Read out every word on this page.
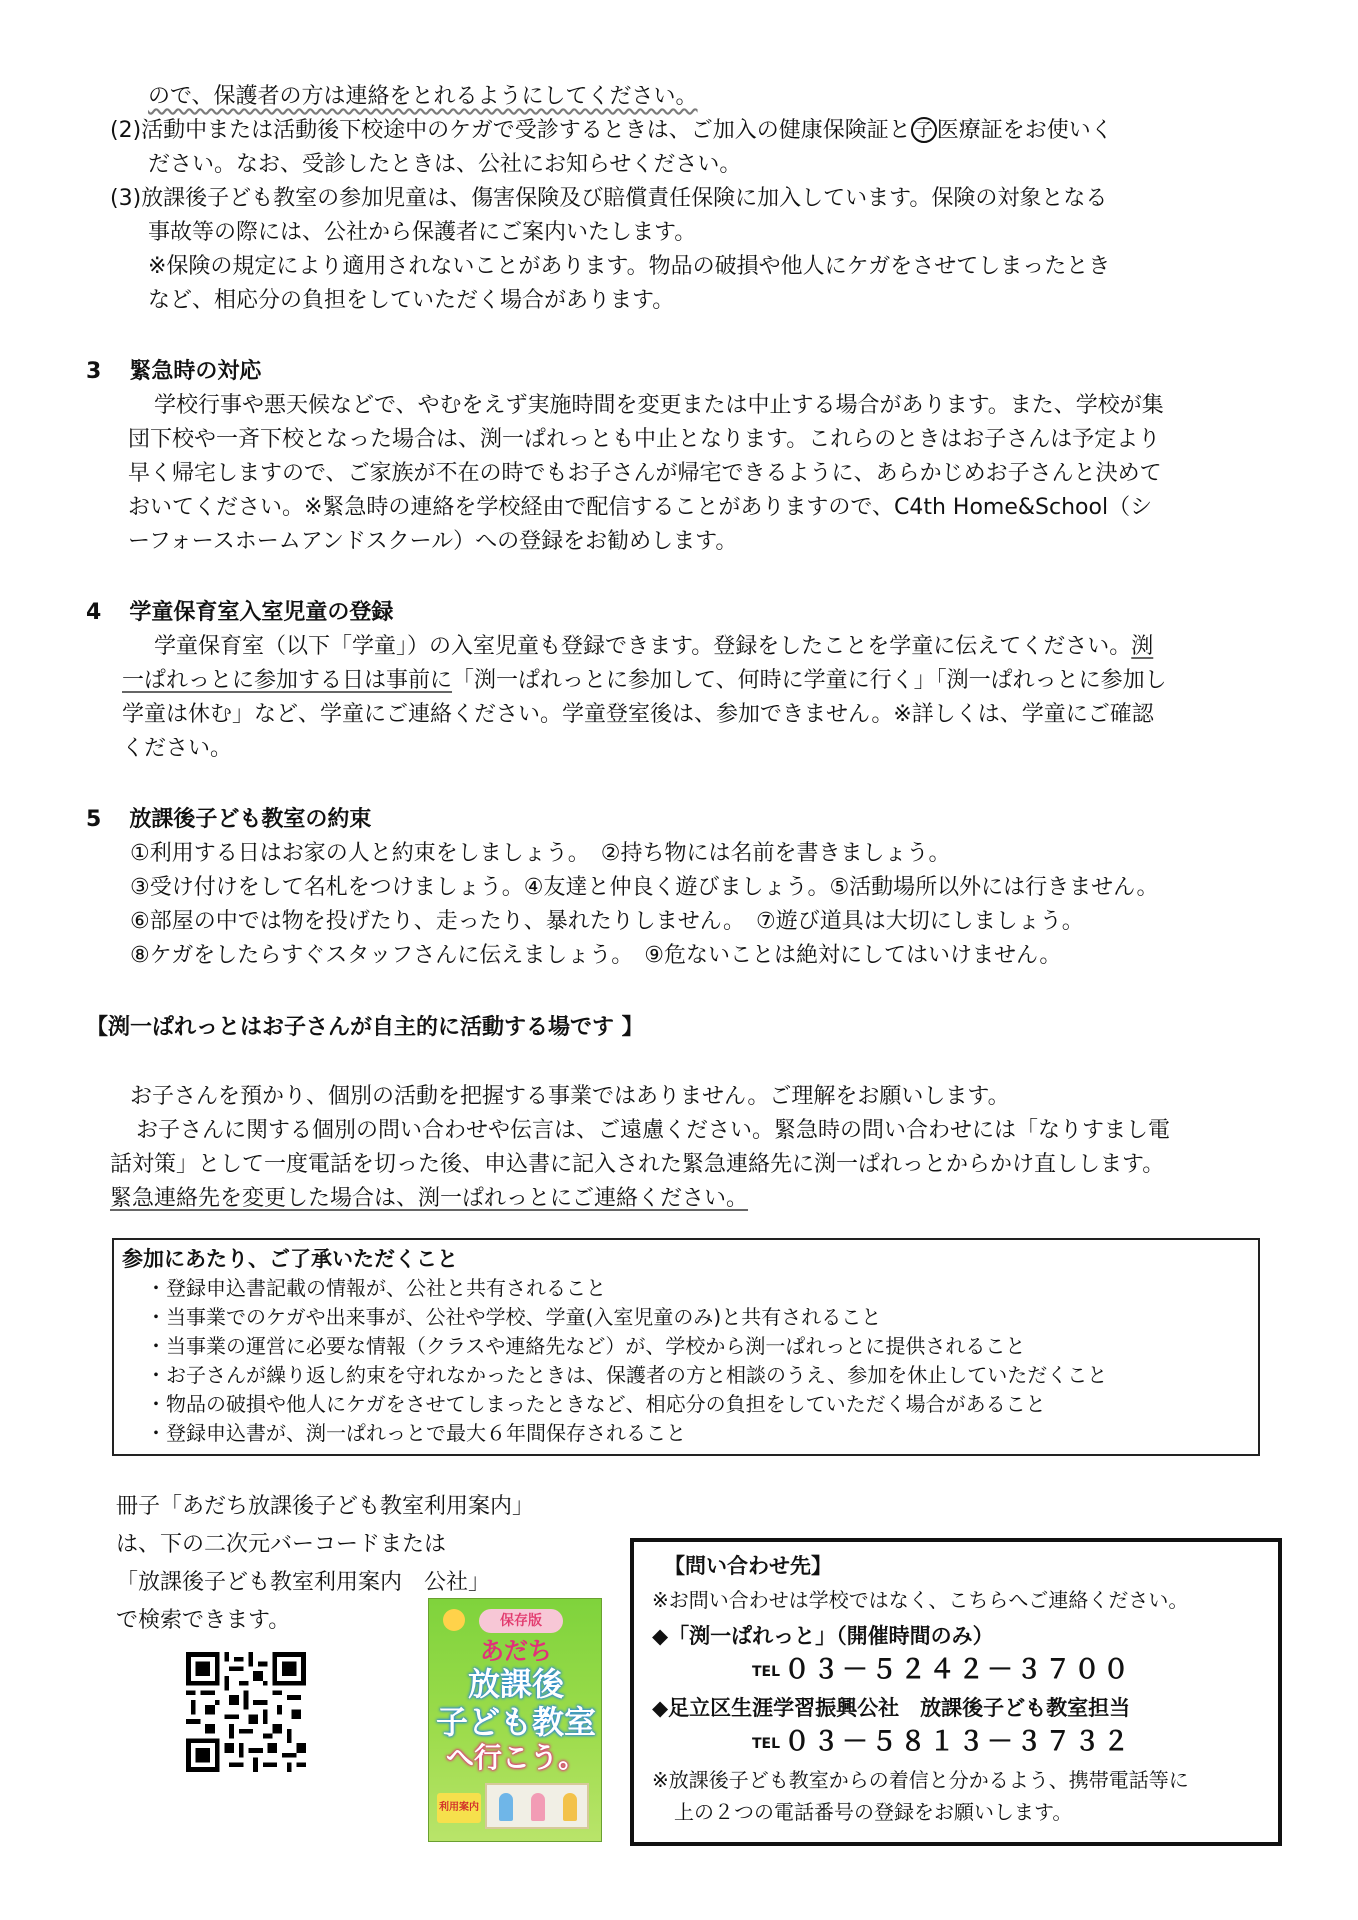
ので、保護者の方は連絡をとれるようにしてください。
(2)活動中または活動後下校途中のケガで受診するときは、ご加入の健康保険証と 子 医療証をお使いく
ださい。なお、受診したときは、公社にお知らせください。
(3)放課後子ども教室の参加児童は、傷害保険及び賠償責任保険に加入しています。保険の対象となる
事故等の際には、公社から保護者にご案内いたします。
※保険の規定により適用されないことがあります。物品の破損や他人にケガをさせてしまったとき
など、相応分の負担をしていただく場合があります。
3 緊急時の対応
学校行事や悪天候などで、やむをえず実施時間を変更または中止する場合があります。また、学校が集
団下校や一斉下校となった場合は、渕一ぱれっとも中止となります。これらのときはお子さんは予定より
早く帰宅しますので、ご家族が不在の時でもお子さんが帰宅できるように、あらかじめお子さんと決めて
おいてください。※緊急時の連絡を学校経由で配信することがありますので、C4th Home&School（シ
ーフォースホームアンドスクール）への登録をお勧めします。
4 学童保育室入室児童の登録
学童保育室（以下「学童」）の入室児童も登録できます。登録をしたことを学童に伝えてください。渕
一ぱれっとに参加する日は事前に「渕一ぱれっとに参加して、何時に学童に行く」「渕一ぱれっとに参加し
学童は休む」など、学童にご連絡ください。学童登室後は、参加できません。※詳しくは、学童にご確認
ください。
5 放課後子ども教室の約束
①利用する日はお家の人と約束をしましょう。　②持ち物には名前を書きましょう。
③受け付けをして名札をつけましょう。④友達と仲良く遊びましょう。⑤活動場所以外には行きません。
⑥部屋の中では物を投げたり、走ったり、暴れたりしません。　⑦遊び道具は大切にしましょう。
⑧ケガをしたらすぐスタッフさんに伝えましょう。　⑨危ないことは絶対にしてはいけません。
【渕一ぱれっとはお子さんが自主的に活動する場です 】
お子さんを預かり、個別の活動を把握する事業ではありません。ご理解をお願いします。
お子さんに関する個別の問い合わせや伝言は、ご遠慮ください。緊急時の問い合わせには「なりすまし電
話対策」として一度電話を切った後、申込書に記入された緊急連絡先に渕一ぱれっとからかけ直しします。
緊急連絡先を変更した場合は、渕一ぱれっとにご連絡ください。
参加にあたり、ご了承いただくこと
・登録申込書記載の情報が、公社と共有されること
・当事業でのケガや出来事が、公社や学校、学童(入室児童のみ)と共有されること
・当事業の運営に必要な情報（クラスや連絡先など）が、学校から渕一ぱれっとに提供されること
・お子さんが繰り返し約束を守れなかったときは、保護者の方と相談のうえ、参加を休止していただくこと
・物品の破損や他人にケガをさせてしまったときなど、相応分の負担をしていただく場合があること
・登録申込書が、渕一ぱれっとで最大６年間保存されること
冊子「あだち放課後子ども教室利用案内」
は、下の二次元バーコードまたは
「放課後子ども教室利用案内　公社」
で検索できます。	保存版
あだち
放課後
子ども教室
へ行こう。
利用案内
【問い合わせ先】
※お問い合わせは学校ではなく、こちらへご連絡ください。
◆「渕一ぱれっと」（開催時間のみ）
TEL ０３－５２４２－３７００
◆足立区生涯学習振興公社　放課後子ども教室担当
TEL ０３－５８１３－３７３２
※放課後子ども教室からの着信と分かるよう、携帯電話等に
上の２つの電話番号の登録をお願いします。
